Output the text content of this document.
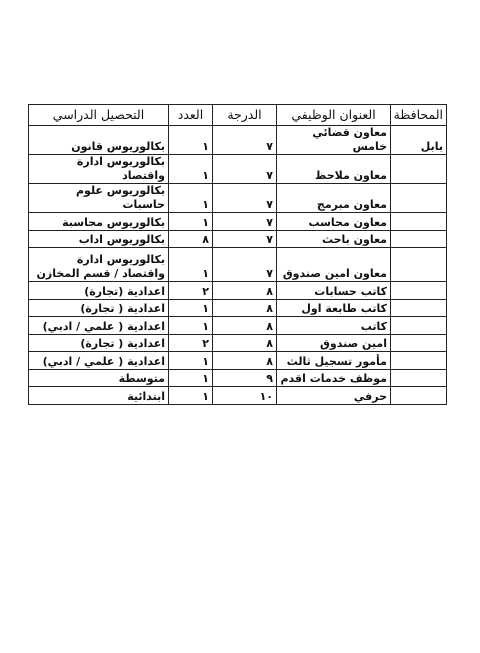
المحافظة	العنوان الوظيفي	الدرجة	العدد	التحصيل الدراسي
بابل	معاون قضائي خامس	٧	١	بكالوريوس قانون
	معاون ملاحظ	٧	١	بكالوريوس ادارة واقتصاد
	معاون مبرمج	٧	١	بكالوريوس علوم حاسبات
	معاون محاسب	٧	١	بكالوريوس محاسبة
	معاون باحث	٧	٨	بكالوريوس اداب
	معاون امين صندوق	٧	١	بكالوريوس ادارة واقتصاد / قسم المخازن
	كاتب حسابات	٨	٢	اعدادية (تجارة)
	كاتب طابعة اول	٨	١	اعدادية ( تجارة)
	كاتب	٨	١	اعدادية ( علمي / ادبي)
	امين صندوق	٨	٢	اعدادية ( تجارة)
	مأمور تسجيل ثالث	٨	١	اعدادية ( علمي / ادبي)
	موظف خدمات اقدم	٩	١	متوسطة
	حرفي	١٠	١	ابتدائية
